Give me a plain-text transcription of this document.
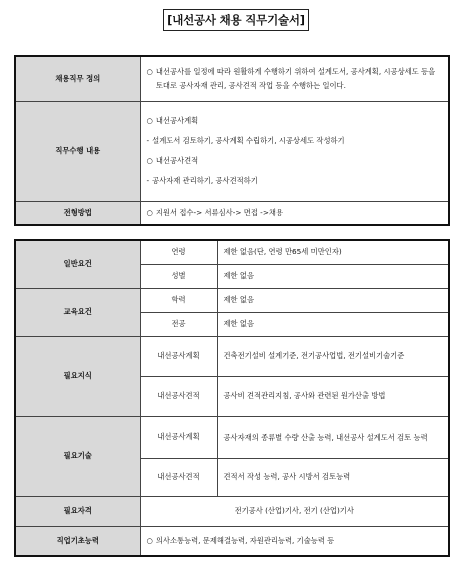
[내선공사 채용 직무기술서]
채용직무 정의	○ 내선공사를 일정에 따라 원활하게 수행하기 위하여 설계도서, 공사계획, 시공상세도 등을 토대로 공사자재 관리, 공사견적 작업 등을 수행하는 일이다.

직무수행 내용	○ 내선공사계획
- 설계도서 검토하기, 공사계획 수립하기, 시공상세도 작성하기
○ 내선공사견적
- 공사자재 관리하기, 공사견적하기

전형방법	○ 지원서 접수-> 서류심사-> 면접 ->채용
일반요건	연령	제한 없음(단, 연령 만65세 미만인자)
	성별	제한 없음
교육요건	학력	제한 없음
	전공	제한 없음
필요지식	내선공사계획	건축전기설비 설계기준, 전기공사업법, 전기설비기술기준
	내선공사견적	공사비 견적관리지침, 공사와 관련된 원가산출 방법
필요기술	내선공사계획	공사자재의 종류별 수량 산출 능력, 내선공사 설계도서 검토 능력
	내선공사견적	견적서 작성 능력, 공사 시방서 검토능력
필요자격	전기공사 (산업)기사, 전기 (산업)기사	
직업기초능력	○ 의사소통능력, 문제해결능력, 자원관리능력, 기술능력 등	
